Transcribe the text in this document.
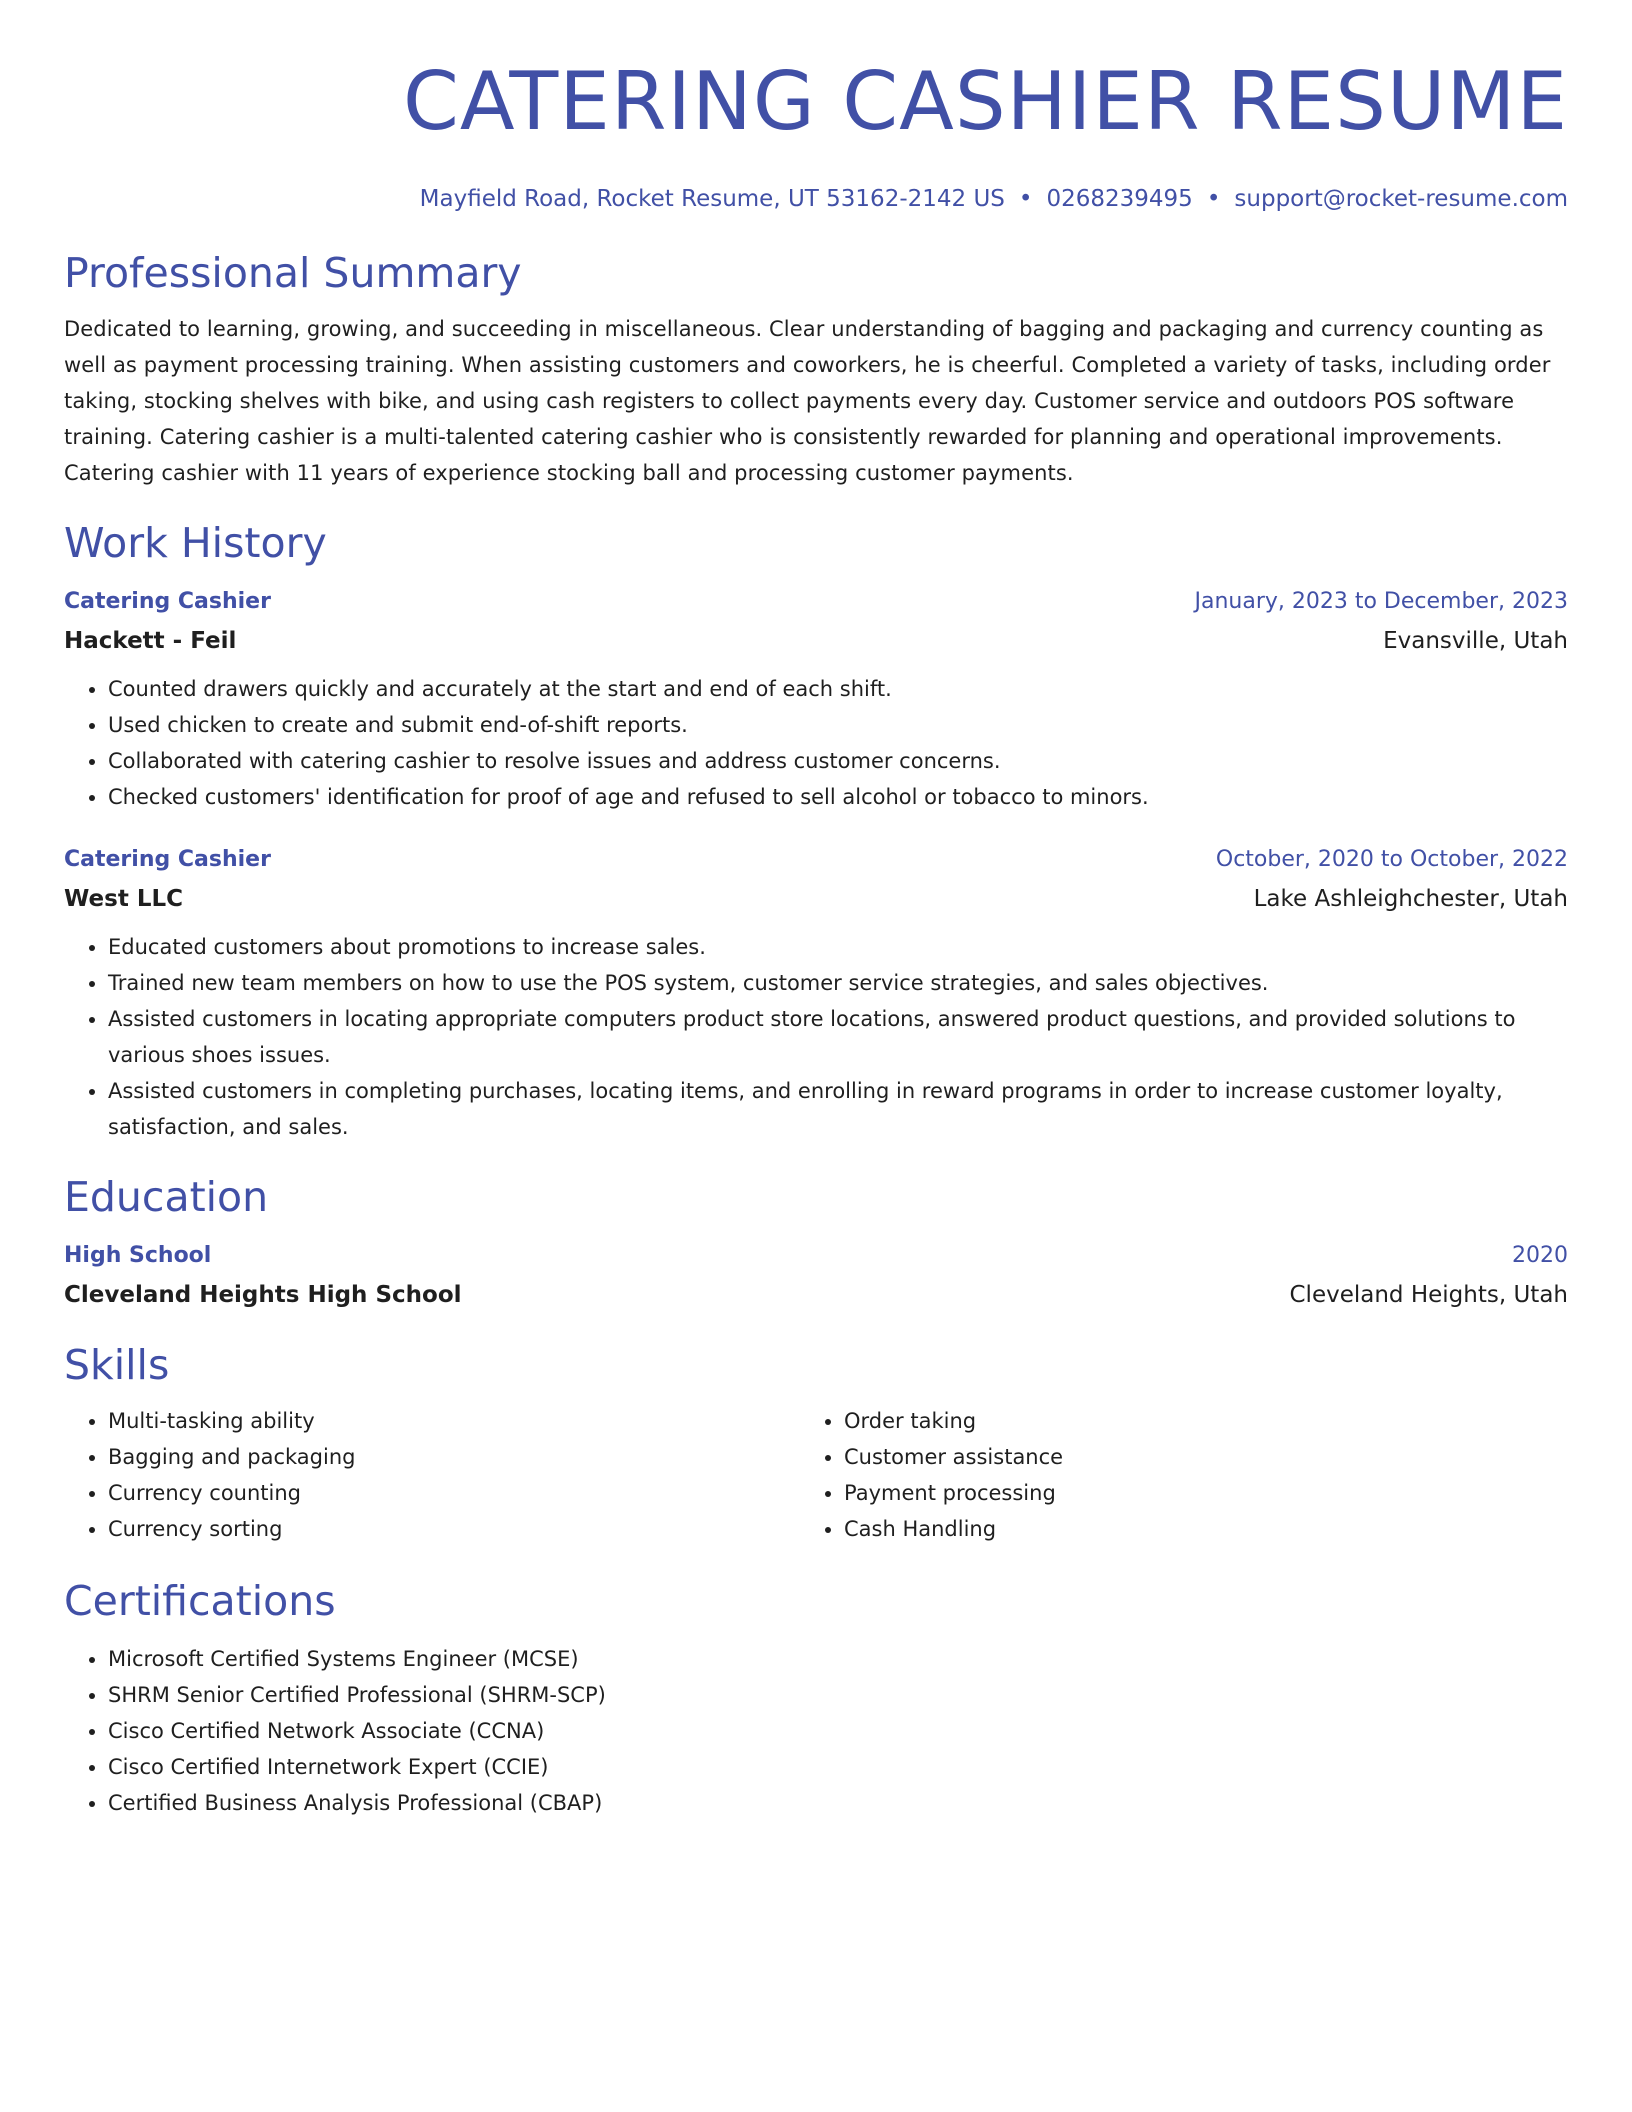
CATERING CASHIER RESUME
Mayfield Road, Rocket Resume, UT 53162-2142 US • 0268239495 • support@rocket-resume.com
Professional Summary
Dedicated to learning, growing, and succeeding in miscellaneous. Clear understanding of bagging and packaging and currency counting as well as payment processing training. When assisting customers and coworkers, he is cheerful. Completed a variety of tasks, including order taking, stocking shelves with bike, and using cash registers to collect payments every day. Customer service and outdoors POS software training. Catering cashier is a multi-talented catering cashier who is consistently rewarded for planning and operational improvements. Catering cashier with 11 years of experience stocking ball and processing customer payments.
Work History
Catering Cashier	January, 2023 to December, 2023
Hackett - Feil	Evansville, Utah
• Counted drawers quickly and accurately at the start and end of each shift.
• Used chicken to create and submit end-of-shift reports.
• Collaborated with catering cashier to resolve issues and address customer concerns.
• Checked customers' identification for proof of age and refused to sell alcohol or tobacco to minors.
Catering Cashier	October, 2020 to October, 2022
West LLC	Lake Ashleighchester, Utah
• Educated customers about promotions to increase sales.
• Trained new team members on how to use the POS system, customer service strategies, and sales objectives.
• Assisted customers in locating appropriate computers product store locations, answered product questions, and provided solutions to various shoes issues.
• Assisted customers in completing purchases, locating items, and enrolling in reward programs in order to increase customer loyalty, satisfaction, and sales.
Education
High School	2020
Cleveland Heights High School	Cleveland Heights, Utah
Skills
• Multi-tasking ability
• Bagging and packaging
• Currency counting
• Currency sorting
• Order taking
• Customer assistance
• Payment processing
• Cash Handling
Certifications
• Microsoft Certified Systems Engineer (MCSE)
• SHRM Senior Certified Professional (SHRM-SCP)
• Cisco Certified Network Associate (CCNA)
• Cisco Certified Internetwork Expert (CCIE)
• Certified Business Analysis Professional (CBAP)
